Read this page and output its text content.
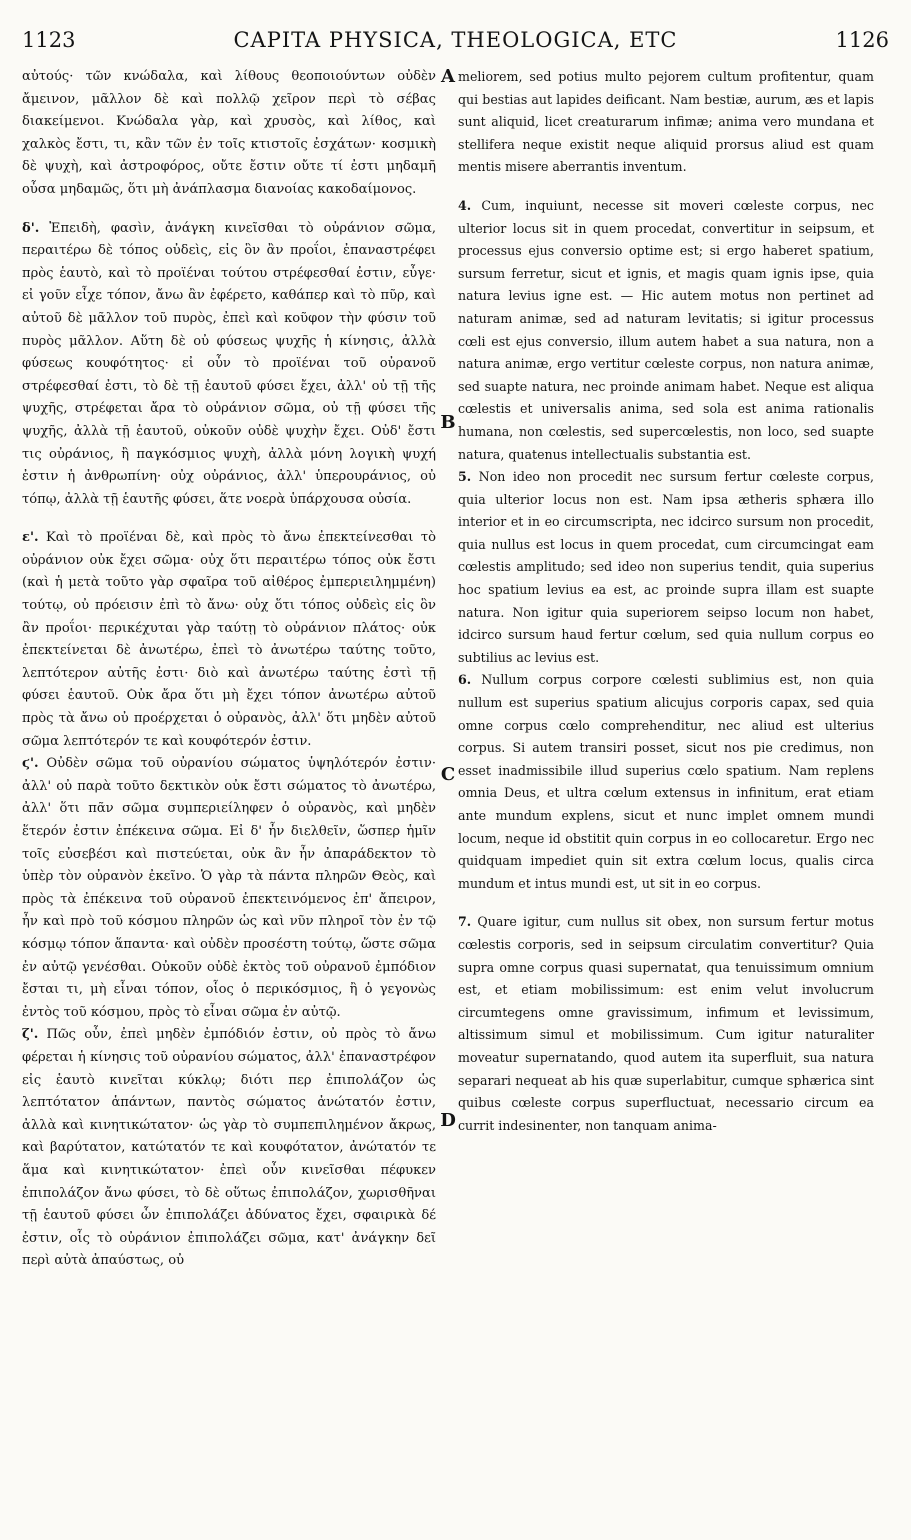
1123	CAPITA PHYSICA, THEOLOGICA, ETC	1126

αὐτούς· τῶν κνώδαλα, καὶ λίθους θεοποιούντων οὐδὲν ἄμεινον, μᾶλλον δὲ καὶ πολλῷ χεῖρον περὶ τὸ σέβας διακείμενοι. Κνώδαλα γὰρ, καὶ χρυσὸς, καὶ λίθος, καὶ χαλκὸς ἔστι, τι, κἂν τῶν ἐν τοῖς κτιστοῖς ἐσχάτων· κοσμικὴ δὲ ψυχὴ, καὶ ἀστροφόρος, οὔτε ἔστιν οὔτε τί ἐστι μηδαμῆ οὖσα μηδαμῶς, ὅτι μὴ ἀνάπλασμα διανοίας κακοδαίμονος.

δ'. Ἐπειδὴ, φασὶν, ἀνάγκη κινεῖσθαι τὸ οὐράνιον σῶμα, περαιτέρω δὲ τόπος οὐδεὶς, εἰς ὃν ἂν προΐοι, ἐπαναστρέφει πρὸς ἑαυτὸ, καὶ τὸ προϊέναι τούτου στρέφεσθαί ἐστιν, εὖγε· εἰ γοῦν εἶχε τόπον, ἄνω ἂν ἐφέρετο, καθάπερ καὶ τὸ πῦρ, καὶ αὐτοῦ δὲ μᾶλλον τοῦ πυρὸς, ἐπεὶ καὶ κοῦφον τὴν φύσιν τοῦ πυρὸς μᾶλλον. Αὕτη δὲ οὐ φύσεως ψυχῆς ἡ κίνησις, ἀλλὰ φύσεως κουφότητος· εἰ οὖν τὸ προϊέναι τοῦ οὐρανοῦ στρέφεσθαί ἐστι, τὸ δὲ τῇ ἑαυτοῦ φύσει ἔχει, ἀλλ' οὐ τῇ τῆς ψυχῆς, στρέφεται ἄρα τὸ οὐράνιον σῶμα, οὐ τῇ φύσει τῆς ψυχῆς, ἀλλὰ τῇ ἑαυτοῦ, οὐκοῦν οὐδὲ ψυχὴν ἔχει. Οὐδ' ἔστι τις οὐράνιος, ἢ παγκόσμιος ψυχὴ, ἀλλὰ μόνη λογικὴ ψυχή ἐστιν ἡ ἀνθρωπίνη· οὐχ οὐράνιος, ἀλλ' ὑπερουράνιος, οὐ τόπῳ, ἀλλὰ τῇ ἑαυτῆς φύσει, ἅτε νοερὰ ὑπάρχουσα οὐσία.

ε'. Καὶ τὸ προϊέναι δὲ, καὶ πρὸς τὸ ἄνω ἐπεκτείνεσθαι τὸ οὐράνιον οὐκ ἔχει σῶμα· οὐχ ὅτι περαιτέρω τόπος οὐκ ἔστι (καὶ ἡ μετὰ τοῦτο γὰρ σφαῖρα τοῦ αἰθέρος ἐμπεριειλημμένη) τούτῳ, οὐ πρόεισιν ἐπὶ τὸ ἄνω· οὐχ ὅτι τόπος οὐδεὶς εἰς ὃν ἂν προΐοι· περικέχυται γὰρ ταύτῃ τὸ οὐράνιον πλάτος· οὐκ ἐπεκτείνεται δὲ ἀνωτέρω, ἐπεὶ τὸ ἀνωτέρω ταύτης τοῦτο, λεπτότερον αὐτῆς ἐστι· διὸ καὶ ἀνωτέρω ταύτης ἐστὶ τῇ φύσει ἑαυτοῦ. Οὐκ ἄρα ὅτι μὴ ἔχει τόπον ἀνωτέρω αὐτοῦ πρὸς τὰ ἄνω οὐ προέρχεται ὁ οὐρανὸς, ἀλλ' ὅτι μηδὲν αὐτοῦ σῶμα λεπτότερόν τε καὶ κουφότερόν ἐστιν.

ϛ'. Οὐδὲν σῶμα τοῦ οὐρανίου σώματος ὑψηλότερόν ἐστιν· ἀλλ' οὐ παρὰ τοῦτο δεκτικὸν οὐκ ἔστι σώματος τὸ ἀνωτέρω, ἀλλ' ὅτι πᾶν σῶμα συμπεριείληφεν ὁ οὐρανὸς, καὶ μηδὲν ἕτερόν ἐστιν ἐπέκεινα σῶμα. Εἰ δ' ἦν διελθεῖν, ὥσπερ ἡμῖν τοῖς εὐσεβέσι καὶ πιστεύεται, οὐκ ἂν ἦν ἀπαράδεκτον τὸ ὑπὲρ τὸν οὐρανὸν ἐκεῖνο. Ὁ γὰρ τὰ πάντα πληρῶν Θεὸς, καὶ πρὸς τὰ ἐπέκεινα τοῦ οὐρανοῦ ἐπεκτεινόμενος ἐπ' ἄπειρον, ἦν καὶ πρὸ τοῦ κόσμου πληρῶν ὡς καὶ νῦν πληροῖ τὸν ἐν τῷ κόσμῳ τόπον ἅπαντα· καὶ οὐδὲν προσέστη τούτῳ, ὥστε σῶμα ἐν αὐτῷ γενέσθαι. Οὐκοῦν οὐδὲ ἐκτὸς τοῦ οὐρανοῦ ἐμπόδιον ἔσται τι, μὴ εἶναι τόπον, οἷος ὁ περικόσμιος, ἢ ὁ γεγονὼς ἐντὸς τοῦ κόσμου, πρὸς τὸ εἶναι σῶμα ἐν αὐτῷ.

ζ'. Πῶς οὖν, ἐπεὶ μηδὲν ἐμπόδιόν ἐστιν, οὐ πρὸς τὸ ἄνω φέρεται ἡ κίνησις τοῦ οὐρανίου σώματος, ἀλλ' ἐπαναστρέφον εἰς ἑαυτὸ κινεῖται κύκλῳ; διότι περ ἐπιπολάζον ὡς λεπτότατον ἁπάντων, παντὸς σώματος ἀνώτατόν ἐστιν, ἀλλὰ καὶ κινητικώτατον· ὡς γὰρ τὸ συμπεπιλημένον ἄκρως, καὶ βαρύτατον, κατώτατόν τε καὶ κουφότατον, ἀνώτατόν τε ἅμα καὶ κινητικώτατον· ἐπεὶ οὖν κινεῖσθαι πέφυκεν ἐπιπολάζον ἄνω φύσει, τὸ δὲ οὕτως ἐπιπολάζον, χωρισθῆναι τῇ ἑαυτοῦ φύσει ὧν ἐπιπολάζει ἀδύνατος ἔχει, σφαιρικὰ δέ ἐστιν, οἷς τὸ οὐράνιον ἐπιπολάζει σῶμα, κατ' ἀνάγκην δεῖ περὶ αὐτὰ ἀπαύστως, οὐ

A
B
C
D

meliorem, sed potius multo pejorem cultum profitentur, quam qui bestias aut lapides deificant. Nam bestiæ, aurum, æs et lapis sunt aliquid, licet creaturarum infimæ; anima vero mundana et stellifera neque existit neque aliquid prorsus aliud est quam mentis misere aberrantis inventum.

4. Cum, inquiunt, necesse sit moveri cœleste corpus, nec ulterior locus sit in quem procedat, convertitur in seipsum, et processus ejus conversio optime est; si ergo haberet spatium, sursum ferretur, sicut et ignis, et magis quam ignis ipse, quia natura levius igne est. — Hic autem motus non pertinet ad naturam animæ, sed ad naturam levitatis; si igitur processus cœli est ejus conversio, illum autem habet a sua natura, non a natura animæ, ergo vertitur cœleste corpus, non natura animæ, sed suapte natura, nec proinde animam habet. Neque est aliqua cœlestis et universalis anima, sed sola est anima rationalis humana, non cœlestis, sed supercœlestis, non loco, sed suapte natura, quatenus intellectualis substantia est.

5. Non ideo non procedit nec sursum fertur cœleste corpus, quia ulterior locus non est. Nam ipsa ætheris sphæra illo interior et in eo circumscripta, nec idcirco sursum non procedit, quia nullus est locus in quem procedat, cum circumcingat eam cœlestis amplitudo; sed ideo non superius tendit, quia superius hoc spatium levius ea est, ac proinde supra illam est suapte natura. Non igitur quia superiorem seipso locum non habet, idcirco sursum haud fertur cœlum, sed quia nullum corpus eo subtilius ac levius est.

6. Nullum corpus corpore cœlesti sublimius est, non quia nullum est superius spatium alicujus corporis capax, sed quia omne corpus cœlo comprehenditur, nec aliud est ulterius corpus. Si autem transiri posset, sicut nos pie credimus, non esset inadmissibile illud superius cœlo spatium. Nam replens omnia Deus, et ultra cœlum extensus in infinitum, erat etiam ante mundum explens, sicut et nunc implet omnem mundi locum, neque id obstitit quin corpus in eo collocaretur. Ergo nec quidquam impediet quin sit extra cœlum locus, qualis circa mundum et intus mundi est, ut sit in eo corpus.

7. Quare igitur, cum nullus sit obex, non sursum fertur motus cœlestis corporis, sed in seipsum circulatim convertitur? Quia supra omne corpus quasi supernatat, qua tenuissimum omnium est, et etiam mobilissimum: est enim velut involucrum circumtegens omne gravissimum, infimum et levissimum, altissimum simul et mobilissimum. Cum igitur naturaliter moveatur supernatando, quod autem ita superfluit, sua natura separari nequeat ab his quæ superlabitur, cumque sphærica sint quibus cœleste corpus superfluctuat, necessario circum ea currit indesinenter, non tanquam anima-
